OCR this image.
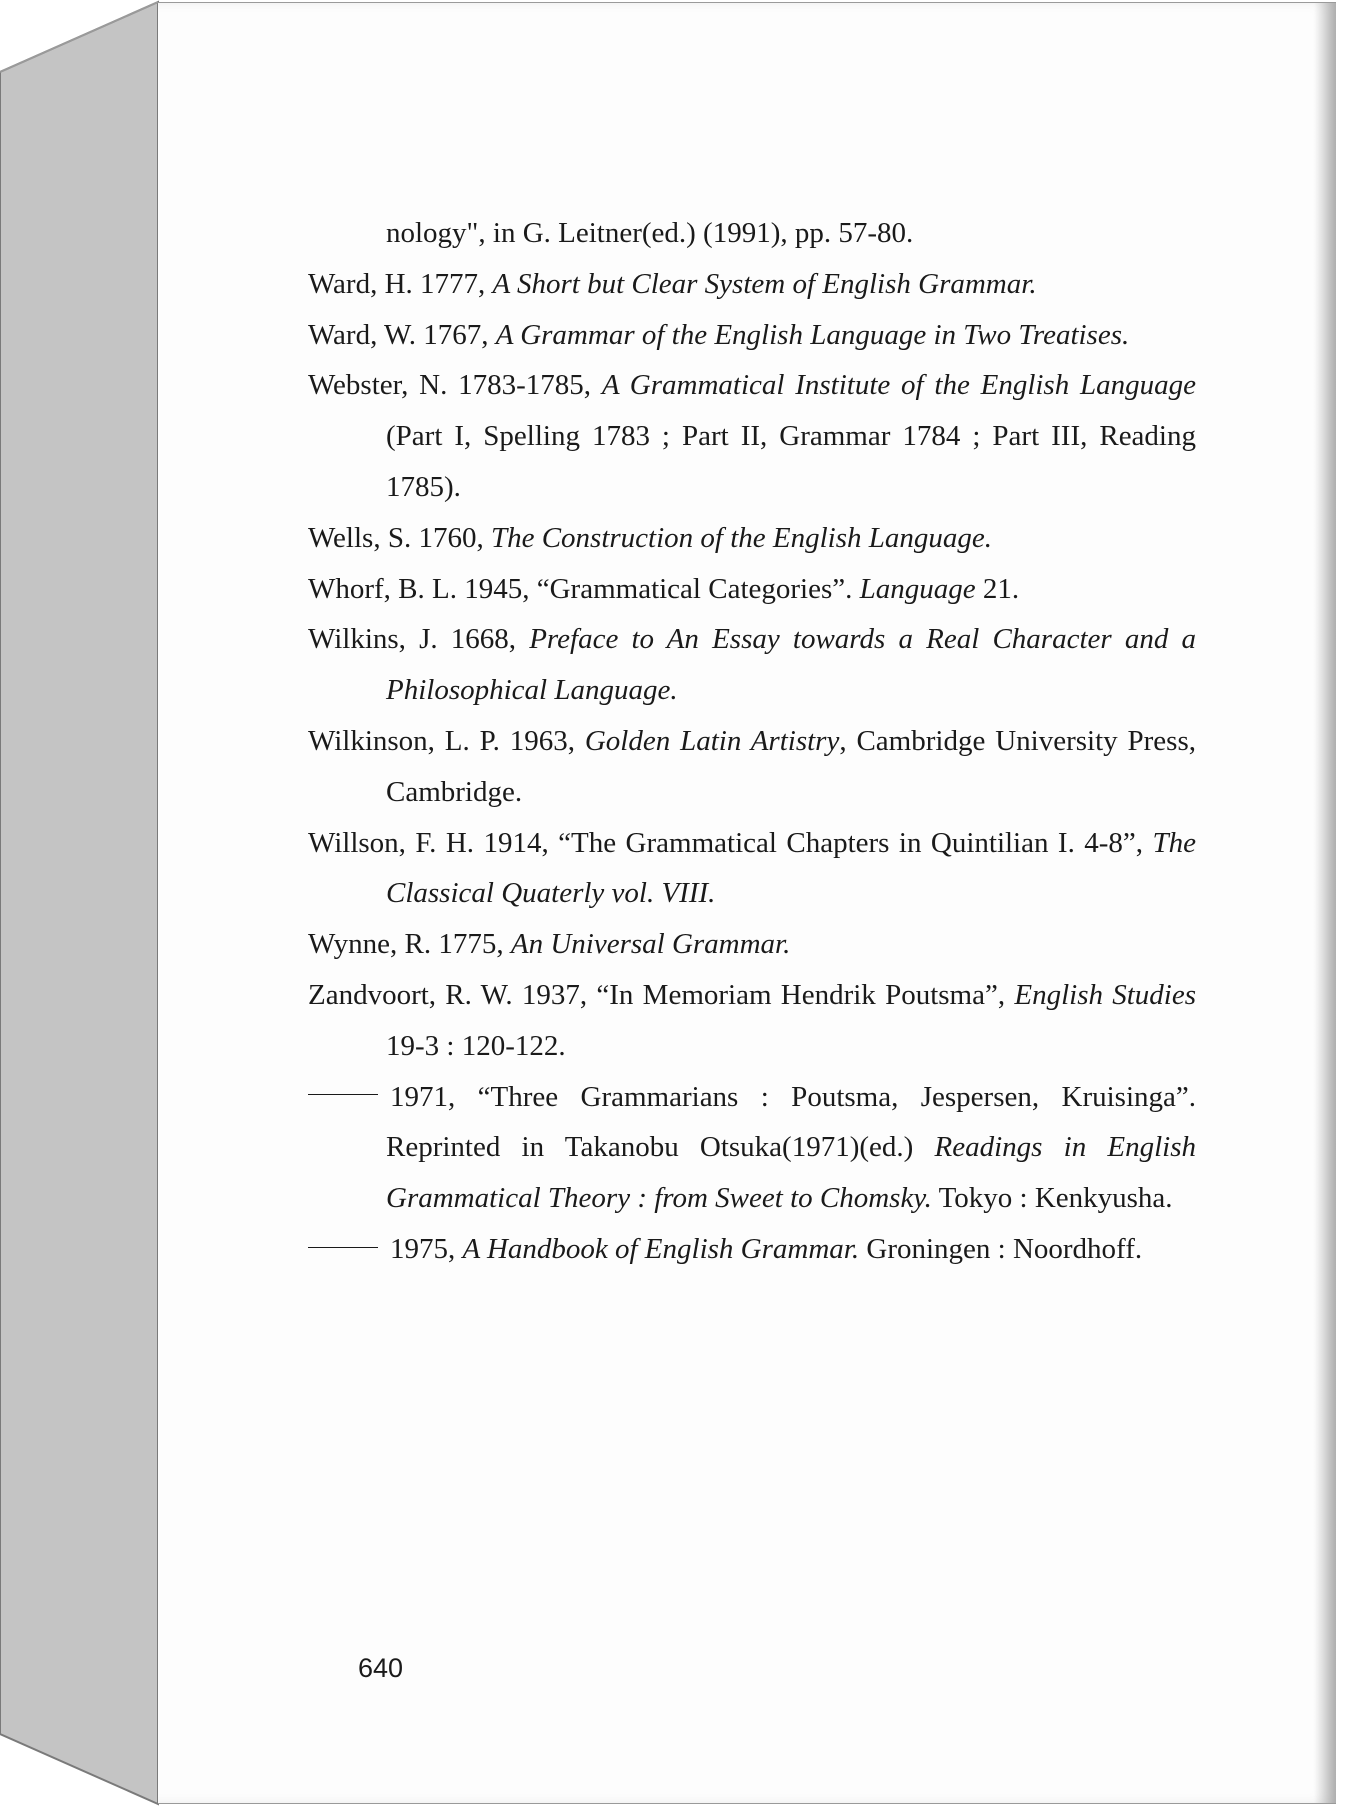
nology", in G. Leitner(ed.) (1991), pp. 57-80.
Ward, H. 1777, A Short but Clear System of English Grammar.
Ward, W. 1767, A Grammar of the English Language in Two Treatises.
Webster, N. 1783-1785, A Grammatical Institute of the English Language (Part I, Spelling 1783 ; Part II, Grammar 1784 ; Part III, Reading 1785).
Wells, S. 1760, The Construction of the English Language.
Whorf, B. L. 1945, “Grammatical Categories”. Language 21.
Wilkins, J. 1668, Preface to An Essay towards a Real Character and a Philosophical Language.
Wilkinson, L. P. 1963, Golden Latin Artistry, Cambridge University Press, Cambridge.
Willson, F. H. 1914, “The Grammatical Chapters in Quintilian I. 4-8”, The Classical Quaterly vol. VIII.
Wynne, R. 1775, An Universal Grammar.
Zandvoort, R. W. 1937, “In Memoriam Hendrik Poutsma”, English Studies 19-3 : 120-122.
1971, “Three Grammarians : Poutsma, Jespersen, Kruisinga”. Reprinted in Takanobu Otsuka(1971)(ed.) Readings in English Grammatical Theory : from Sweet to Chomsky. Tokyo : Kenkyusha.
1975, A Handbook of English Grammar. Groningen : Noordhoff.
640
